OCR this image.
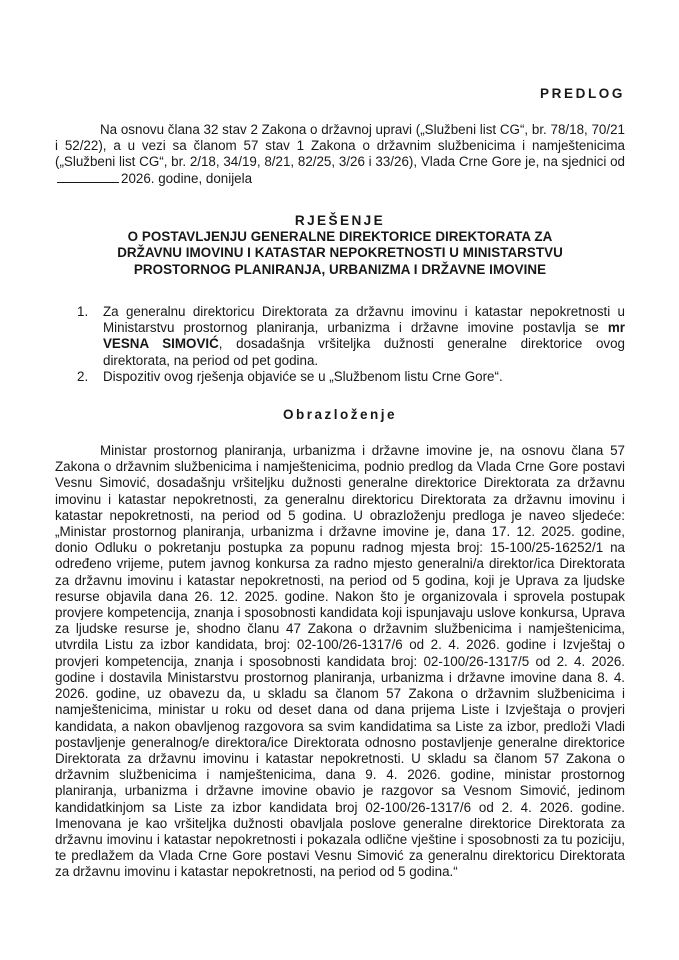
PREDLOG

Na osnovu člana 32 stav 2 Zakona o državnoj upravi („Službeni list CG“, br. 78/18, 70/21 i 52/22), a u vezi sa članom 57 stav 1 Zakona o državnim službenicima i namještenicima („Službeni list CG“, br. 2/18, 34/19, 8/21, 82/25, 3/26 i 33/26), Vlada Crne Gore je, na sjednici od2026. godine, donijela

RJEŠENJE
O POSTAVLJENJU GENERALNE DIREKTORICE DIREKTORATA ZA
DRŽAVNU IMOVINU I KATASTAR NEPOKRETNOSTI U MINISTARSTVU
PROSTORNOG PLANIRANJA, URBANIZMA I DRŽAVNE IMOVINE
1.	Za generalnu direktoricu Direktorata za državnu imovinu i katastar nepokretnosti u Ministarstvu prostornog planiranja, urbanizma i državne imovine postavlja se mr VESNA SIMOVIĆ, dosadašnja vršiteljka dužnosti generalne direktorice ovog direktorata, na period od pet godina.
2.	Dispozitiv ovog rješenja objaviće se u „Službenom listu Crne Gore“.
Obrazloženje

Ministar prostornog planiranja, urbanizma i državne imovine je, na osnovu člana 57 Zakona o državnim službenicima i namještenicima, podnio predlog da Vlada Crne Gore postavi Vesnu Simović, dosadašnju vršiteljku dužnosti generalne direktorice Direktorata za državnu imovinu i katastar nepokretnosti, za generalnu direktoricu Direktorata za državnu imovinu i katastar nepokretnosti, na period od 5 godina. U obrazloženju predloga je naveo sljedeće: „Ministar prostornog planiranja, urbanizma i državne imovine je, dana 17. 12. 2025. godine, donio Odluku o pokretanju postupka za popunu radnog mjesta broj: 15-100/25-16252/1 na određeno vrijeme, putem javnog konkursa za radno mjesto generalni/a direktor/ica Direktorata za državnu imovinu i katastar nepokretnosti, na period od 5 godina, koji je Uprava za ljudske resurse objavila dana 26. 12. 2025. godine. Nakon što je organizovala i sprovela postupak provjere kompetencija, znanja i sposobnosti kandidata koji ispunjavaju uslove konkursa, Uprava za ljudske resurse je, shodno članu 47 Zakona o državnim službenicima i namještenicima, utvrdila Listu za izbor kandidata, broj: 02-100/26-1317/6 od 2. 4. 2026. godine i Izvještaj o provjeri kompetencija, znanja i sposobnosti kandidata broj: 02-100/26-1317/5 od 2. 4. 2026. godine i dostavila Ministarstvu prostornog planiranja, urbanizma i državne imovine dana 8. 4. 2026. godine, uz obavezu da, u skladu sa članom 57 Zakona o državnim službenicima i namještenicima, ministar u roku od deset dana od dana prijema Liste i Izvještaja o provjeri kandidata, a nakon obavljenog razgovora sa svim kandidatima sa Liste za izbor, predloži Vladi postavljenje generalnog/e direktora/ice Direktorata odnosno postavljenje generalne direktorice Direktorata za državnu imovinu i katastar nepokretnosti. U skladu sa članom 57 Zakona o državnim službenicima i namještenicima, dana 9. 4. 2026. godine, ministar prostornog planiranja, urbanizma i državne imovine obavio je razgovor sa Vesnom Simović, jedinom kandidatkinjom sa Liste za izbor kandidata broj 02-100/26-1317/6 od 2. 4. 2026. godine. Imenovana je kao vršiteljka dužnosti obavljala poslove generalne direktorice Direktorata za državnu imovinu i katastar nepokretnosti i pokazala odlične vještine i sposobnosti za tu poziciju, te predlažem da Vlada Crne Gore postavi Vesnu Simović za generalnu direktoricu Direktorata za državnu imovinu i katastar nepokretnosti, na period od 5 godina.“
